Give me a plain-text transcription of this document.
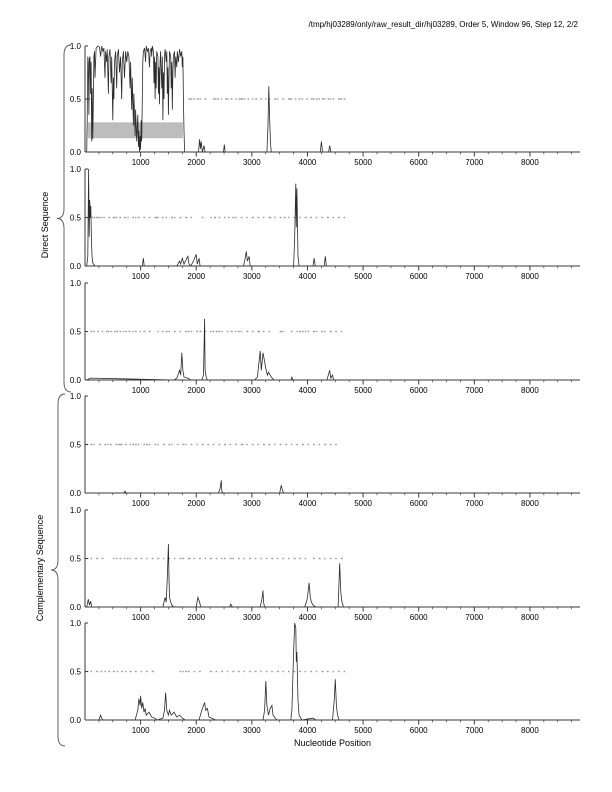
/tmp/hj03289/only/raw_result_dir/hj03289, Order 5, Window 96, Step 12, 2/2
0.0
0.5
1.0
1000	2000	3000	4000	5000	6000	7000	8000
0.0
0.5
1.0
1000	2000	3000	4000	5000	6000	7000	8000
0.0
0.5
1.0
1000	2000	3000	4000	5000	6000	7000	8000
0.0
0.5
1.0
1000	2000	3000	4000	5000	6000	7000	8000
0.0
0.5
1.0
1000	2000	3000	4000	5000	6000	7000	8000
0.0
0.5
1.0
1000	2000	3000	4000	5000	6000	7000	8000
Direct Sequence
Complementary Sequence
Nucleotide Position
